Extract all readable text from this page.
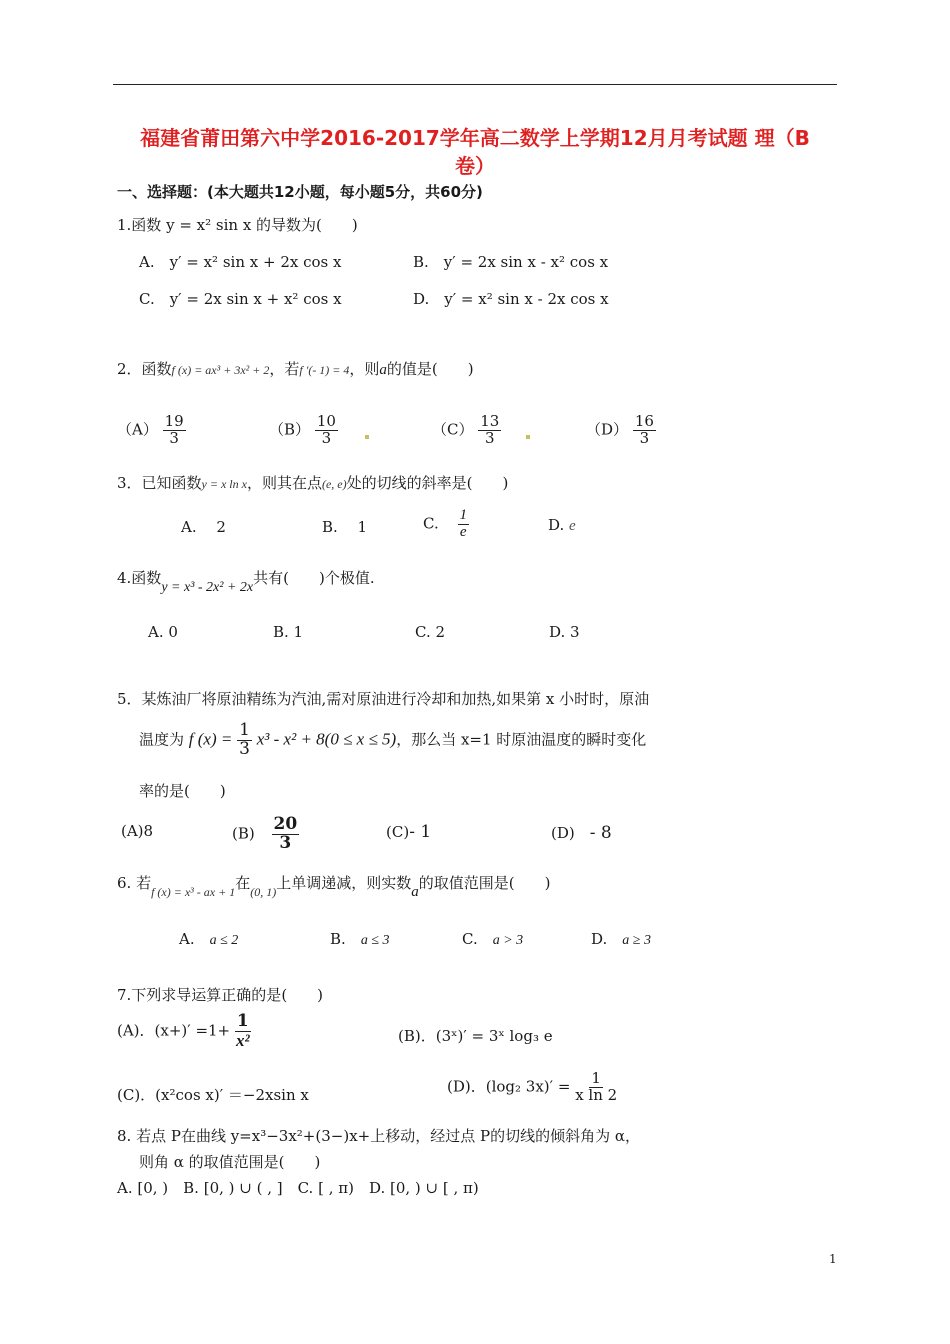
福建省莆田第六中学2016-2017学年高二数学上学期12月月考试题 理（B
卷）
一、选择题：(本大题共12小题，每小题5分，共60分)
1.函数 y = x² sin x 的导数为(　　)
A.　y′ = x² sin x + 2x cos x	B.　y′ = 2x sin x - x² cos x
C.　y′ = 2x sin x + x² cos x	D.　y′ = x² sin x - 2x cos x
2．函数f (x) = ax³ + 3x² + 2，若f ′(- 1) = 4，则a的值是(　　)
$(A) \frac{19}{3}$	$(B) \frac{10}{3}$	$(C) \frac{13}{3}$	$(D) \frac{16}{3}$
3．已知函数y = x ln x，则其在点(e, e)处的切线的斜率是(　　)
A.　 2	B.　 1	C. $\frac{1}{e}$	D. e
4.函数y = x³ - 2x² + 2x共有(　　)个极值.
A. 0	B. 1	C. 2	D. 3
5．某炼油厂将原油精练为汽油,需对原油进行冷却和加热,如果第 x 小时时，原油
温度为 f $(x) = \frac{1}{3} x^3 - x^2 + 8(0 \le x \le 5)$，那么当 x=1 时原油温度的瞬时变化
率的是(　　)
(A)8	$(B) \frac{20}{3}$	(C)- 1	(D)　 - 8
6. 若$_{f (x) = x^3 - ax + 1}$在$_{(0, 1)}$上单调递减，则实数a的取值范围是(　　)
A.　 a ≤ 2	B.　 a ≤ 3	C.　 a > 3	D.　 a ≥ 3
7.下列求导运算正确的是(　　)
(A)．$(x+)' =1+ \frac{1}{\text{x²}}$	(B)．(3ˣ)′ = 3ˣ log₃ e
(C)．(x²cos x)′ ＝−2xsin x	(D)．(log₂ $3x)' = \frac{1}{\text{x ln 2}}$
8. 若点 P在曲线 y=x³−3x²+(3−)x+上移动，经过点 P的切线的倾斜角为 α，
则角 α 的取值范围是(　　)
A. [0, )　B. [0, ) ∪ ( , ]　C. [ , π)　D. [0, ) ∪ [ , π)
1
